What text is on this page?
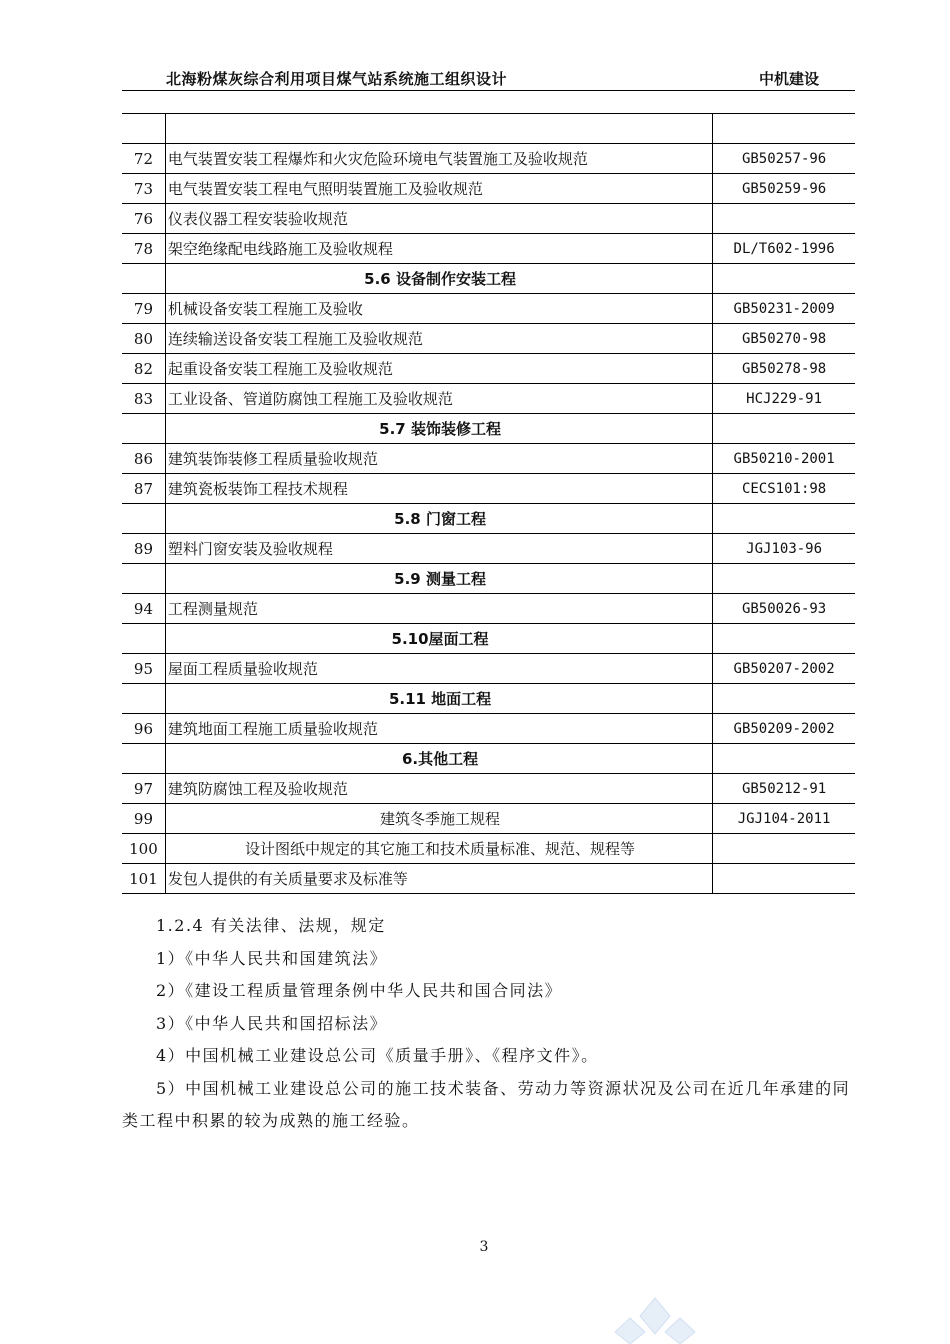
北海粉煤灰综合利用项目煤气站系统施工组织设计	中机建设

72	电气装置安装工程爆炸和火灾危险环境电气装置施工及验收规范	GB50257-96
73	电气装置安装工程电气照明装置施工及验收规范	GB50259-96
76	仪表仪器工程安装验收规范	
78	架空绝缘配电线路施工及验收规程	DL/T602-1996
	5.6 设备制作安装工程	
79	机械设备安装工程施工及验收	GB50231-2009
80	连续输送设备安装工程施工及验收规范	GB50270-98
82	起重设备安装工程施工及验收规范	GB50278-98
83	工业设备、管道防腐蚀工程施工及验收规范	HCJ229-91
	5.7 装饰装修工程	
86	建筑装饰装修工程质量验收规范	GB50210-2001
87	建筑瓷板装饰工程技术规程	CECS101:98
	5.8 门窗工程	
89	塑料门窗安装及验收规程	JGJ103-96
	5.9 测量工程	
94	工程测量规范	GB50026-93
	5.10屋面工程	
95	屋面工程质量验收规范	GB50207-2002
	5.11 地面工程	
96	建筑地面工程施工质量验收规范	GB50209-2002
	6.其他工程	
97	建筑防腐蚀工程及验收规范	GB50212-91
99	建筑冬季施工规程	JGJ104-2011
100	设计图纸中规定的其它施工和技术质量标准、规范、规程等	
101	发包人提供的有关质量要求及标准等	

1.2.4 有关法律、法规，规定

1）《中华人民共和国建筑法》

2）《建设工程质量管理条例中华人民共和国合同法》

3）《中华人民共和国招标法》

4）中国机械工业建设总公司《质量手册》、《程序文件》。

5）中国机械工业建设总公司的施工技术装备、劳动力等资源状况及公司在近几年承建的同类工程中积累的较为成熟的施工经验。

3
